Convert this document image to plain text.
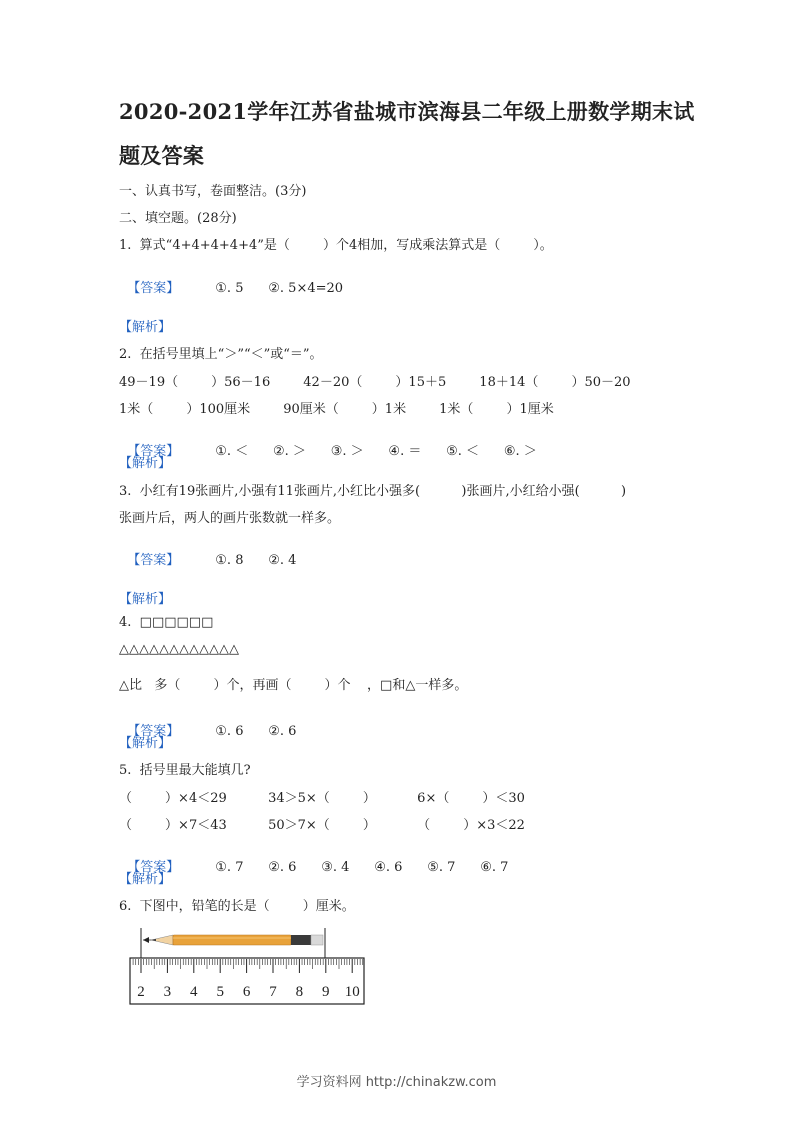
2020-2021学年江苏省盐城市滨海县二年级上册数学期末试
题及答案
一、认真书写，卷面整洁。(3分)
二、填空题。(28分)
1.  算式“4+4+4+4+4”是（        ）个4相加，写成乘法算式是（        ）。

【答案】	①. 5      ②. 5×4=20

【解析】
2.  在括号里填上“＞”“＜”或“＝”。
49－19（        ）56－16        42－20（        ）15＋5        18＋14（        ）50－20
1米（        ）100厘米        90厘米（        ）1米        1米（        ）1厘米

【答案】	①. ＜      ②. ＞      ③. ＞      ④. ＝      ⑤. ＜      ⑥. ＞

【解析】
3.  小红有19张画片,小强有11张画片,小红比小强多(          )张画片,小红给小强(          )
张画片后，两人的画片张数就一样多。

【答案】	①. 8      ②. 4

【解析】
4.  □□□□□□
△△△△△△△△△△△△
△比   多（        ）个，再画（        ）个    ，□和△一样多。

【答案】	①. 6      ②. 6

【解析】
5.  括号里最大能填几?
（        ）×4＜29          34＞5×（        ）          6×（        ）＜30
（        ）×7＜43          50＞7×（        ）          （        ）×3＜22

【答案】	①. 7      ②. 6      ③. 4      ④. 6      ⑤. 7      ⑥. 7

【解析】
6.  下图中，铅笔的长是（        ）厘米。
2 3 4 5 6 7 8 9 10
学习资料网 http://chinakzw.com
